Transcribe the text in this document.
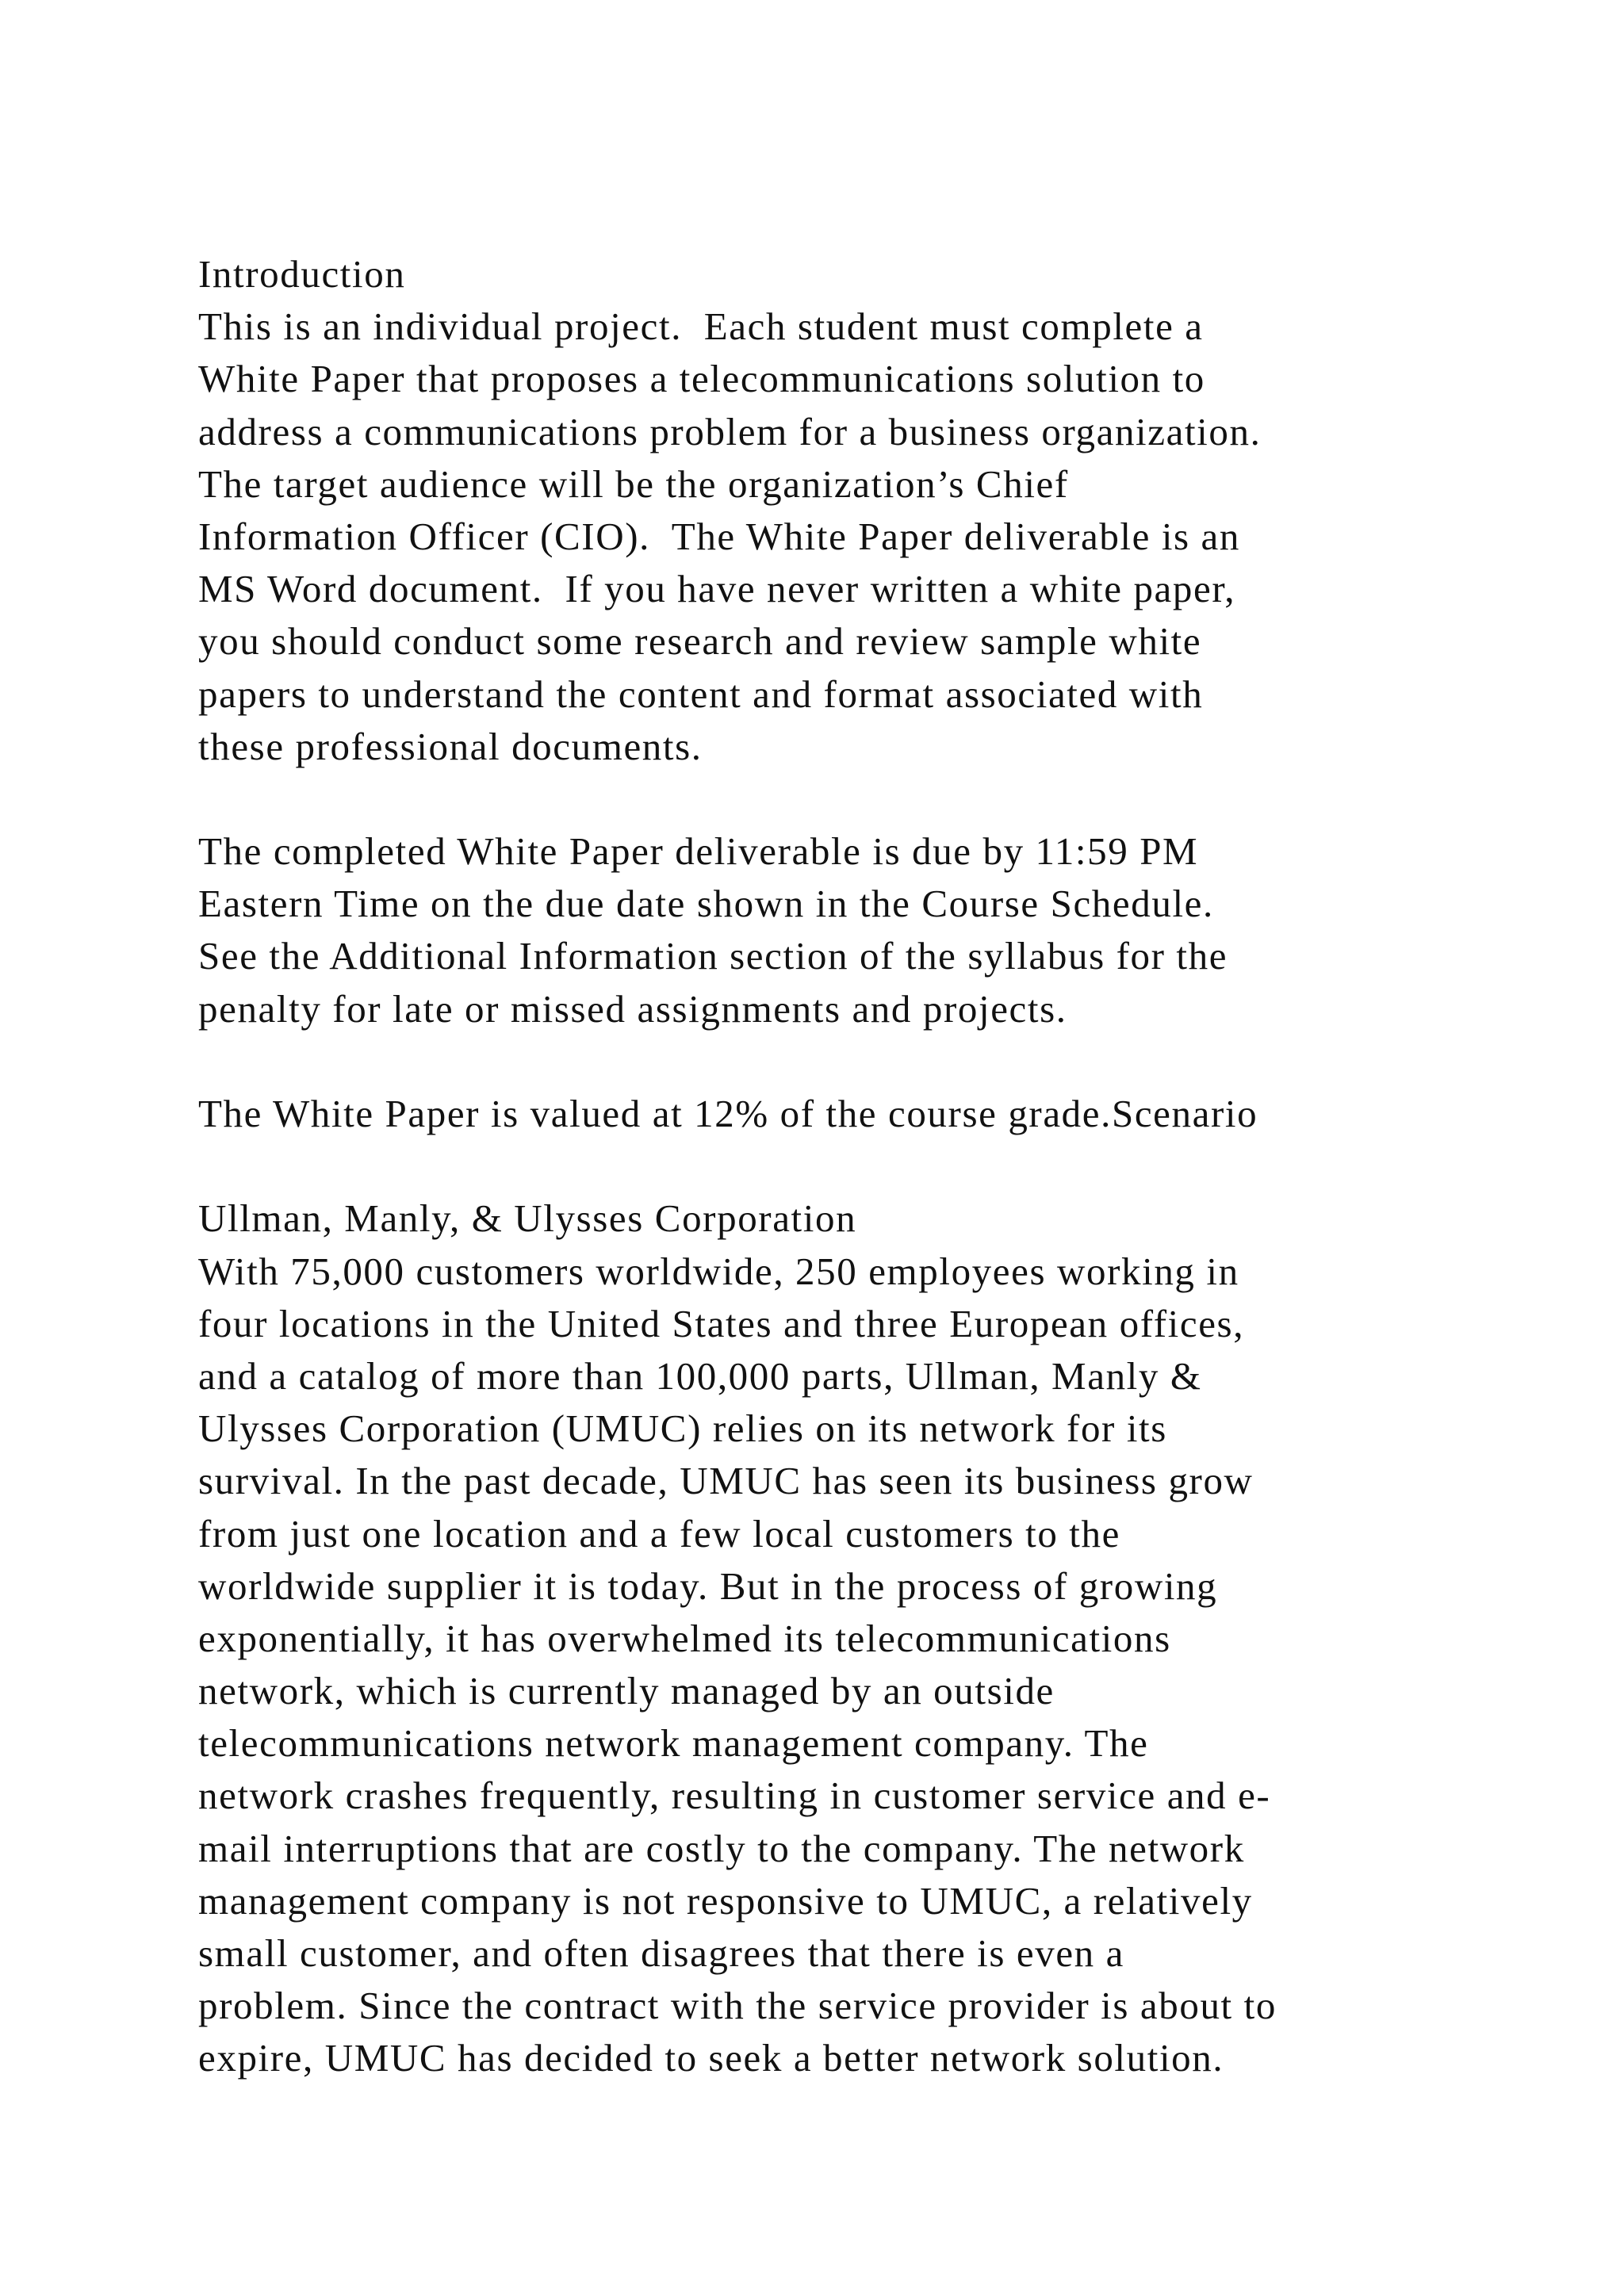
Introduction
This is an individual project.  Each student must complete a
White Paper that proposes a telecommunications solution to
address a communications problem for a business organization.
The target audience will be the organization’s Chief
Information Officer (CIO).  The White Paper deliverable is an
MS Word document.  If you have never written a white paper,
you should conduct some research and review sample white
papers to understand the content and format associated with
these professional documents.
The completed White Paper deliverable is due by 11:59 PM
Eastern Time on the due date shown in the Course Schedule.
See the Additional Information section of the syllabus for the
penalty for late or missed assignments and projects.
The White Paper is valued at 12% of the course grade.Scenario
Ullman, Manly, & Ulysses Corporation
With 75,000 customers worldwide, 250 employees working in
four locations in the United States and three European offices,
and a catalog of more than 100,000 parts, Ullman, Manly &
Ulysses Corporation (UMUC) relies on its network for its
survival. In the past decade, UMUC has seen its business grow
from just one location and a few local customers to the
worldwide supplier it is today. But in the process of growing
exponentially, it has overwhelmed its telecommunications
network, which is currently managed by an outside
telecommunications network management company. The
network crashes frequently, resulting in customer service and e-
mail interruptions that are costly to the company. The network
management company is not responsive to UMUC, a relatively
small customer, and often disagrees that there is even a
problem. Since the contract with the service provider is about to
expire, UMUC has decided to seek a better network solution.
